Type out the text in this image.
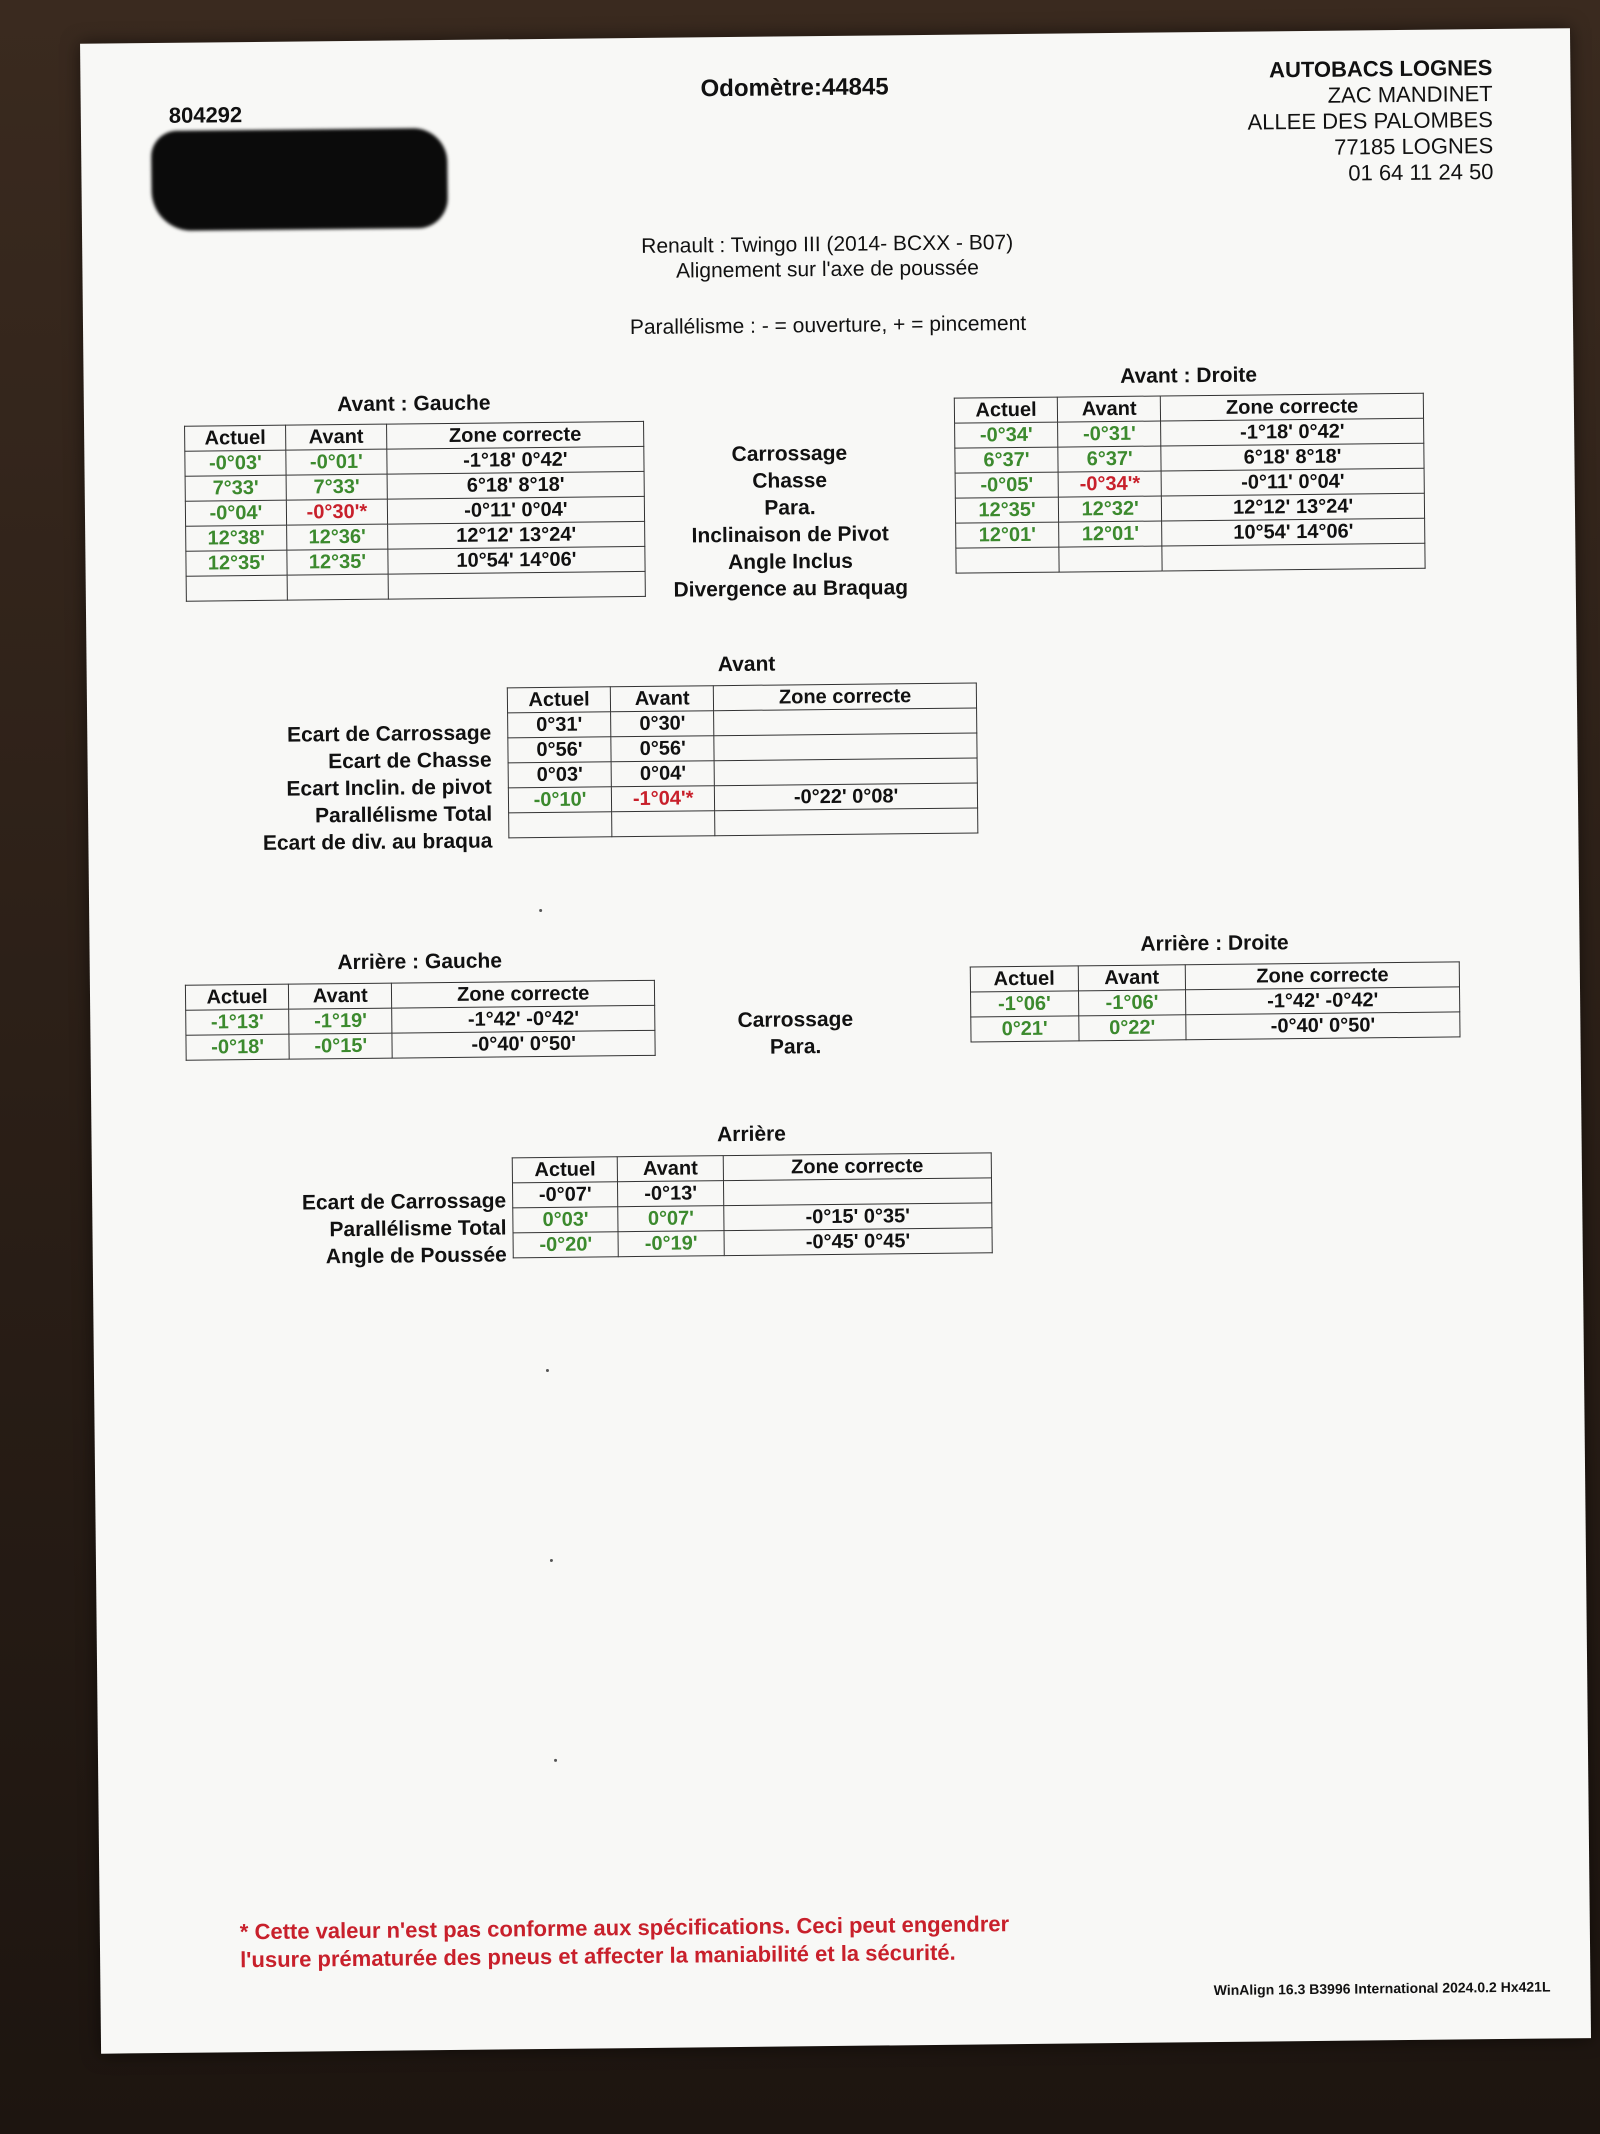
804292
Odomètre:44845
AUTOBACS LOGNES
ZAC MANDINET
ALLEE DES PALOMBES
77185 LOGNES
01 64 11 24 50
Renault : Twingo III (2014- BCXX - B07)
Alignement sur l'axe de poussée
Parallélisme : - = ouverture, + = pincement
Avant : Gauche
Actuel	Avant	Zone correcte
-0°03'	-0°01'	-1°18' 0°42'
7°33'	7°33'	6°18' 8°18'
-0°04'	-0°30'*	-0°11' 0°04'
12°38'	12°36'	12°12' 13°24'
12°35'	12°35'	10°54' 14°06'

Carrossage
Chasse
Para.
Inclinaison de Pivot
Angle Inclus
Divergence au Braquag
Avant : Droite
Actuel	Avant	Zone correcte
-0°34'	-0°31'	-1°18' 0°42'
6°37'	6°37'	6°18' 8°18'
-0°05'	-0°34'*	-0°11' 0°04'
12°35'	12°32'	12°12' 13°24'
12°01'	12°01'	10°54' 14°06'

Avant
Ecart de Carrossage
Ecart de Chasse
Ecart Inclin. de pivot
Parallélisme Total
Ecart de div. au braqua
Actuel	Avant	Zone correcte
0°31'	0°30'	
0°56'	0°56'	
0°03'	0°04'	
-0°10'	-1°04'*	-0°22' 0°08'

Arrière : Gauche
Actuel	Avant	Zone correcte
-1°13'	-1°19'	-1°42' -0°42'
-0°18'	-0°15'	-0°40' 0°50'
Carrossage
Para.
Arrière : Droite
Actuel	Avant	Zone correcte
-1°06'	-1°06'	-1°42' -0°42'
0°21'	0°22'	-0°40' 0°50'
Arrière
Ecart de Carrossage
Parallélisme Total
Angle de Poussée
Actuel	Avant	Zone correcte
-0°07'	-0°13'	
0°03'	0°07'	-0°15' 0°35'
-0°20'	-0°19'	-0°45' 0°45'
* Cette valeur n'est pas conforme aux spécifications. Ceci peut engendrer
l'usure prématurée des pneus et affecter la maniabilité et la sécurité.
WinAlign 16.3 B3996 International 2024.0.2 Hx421L
